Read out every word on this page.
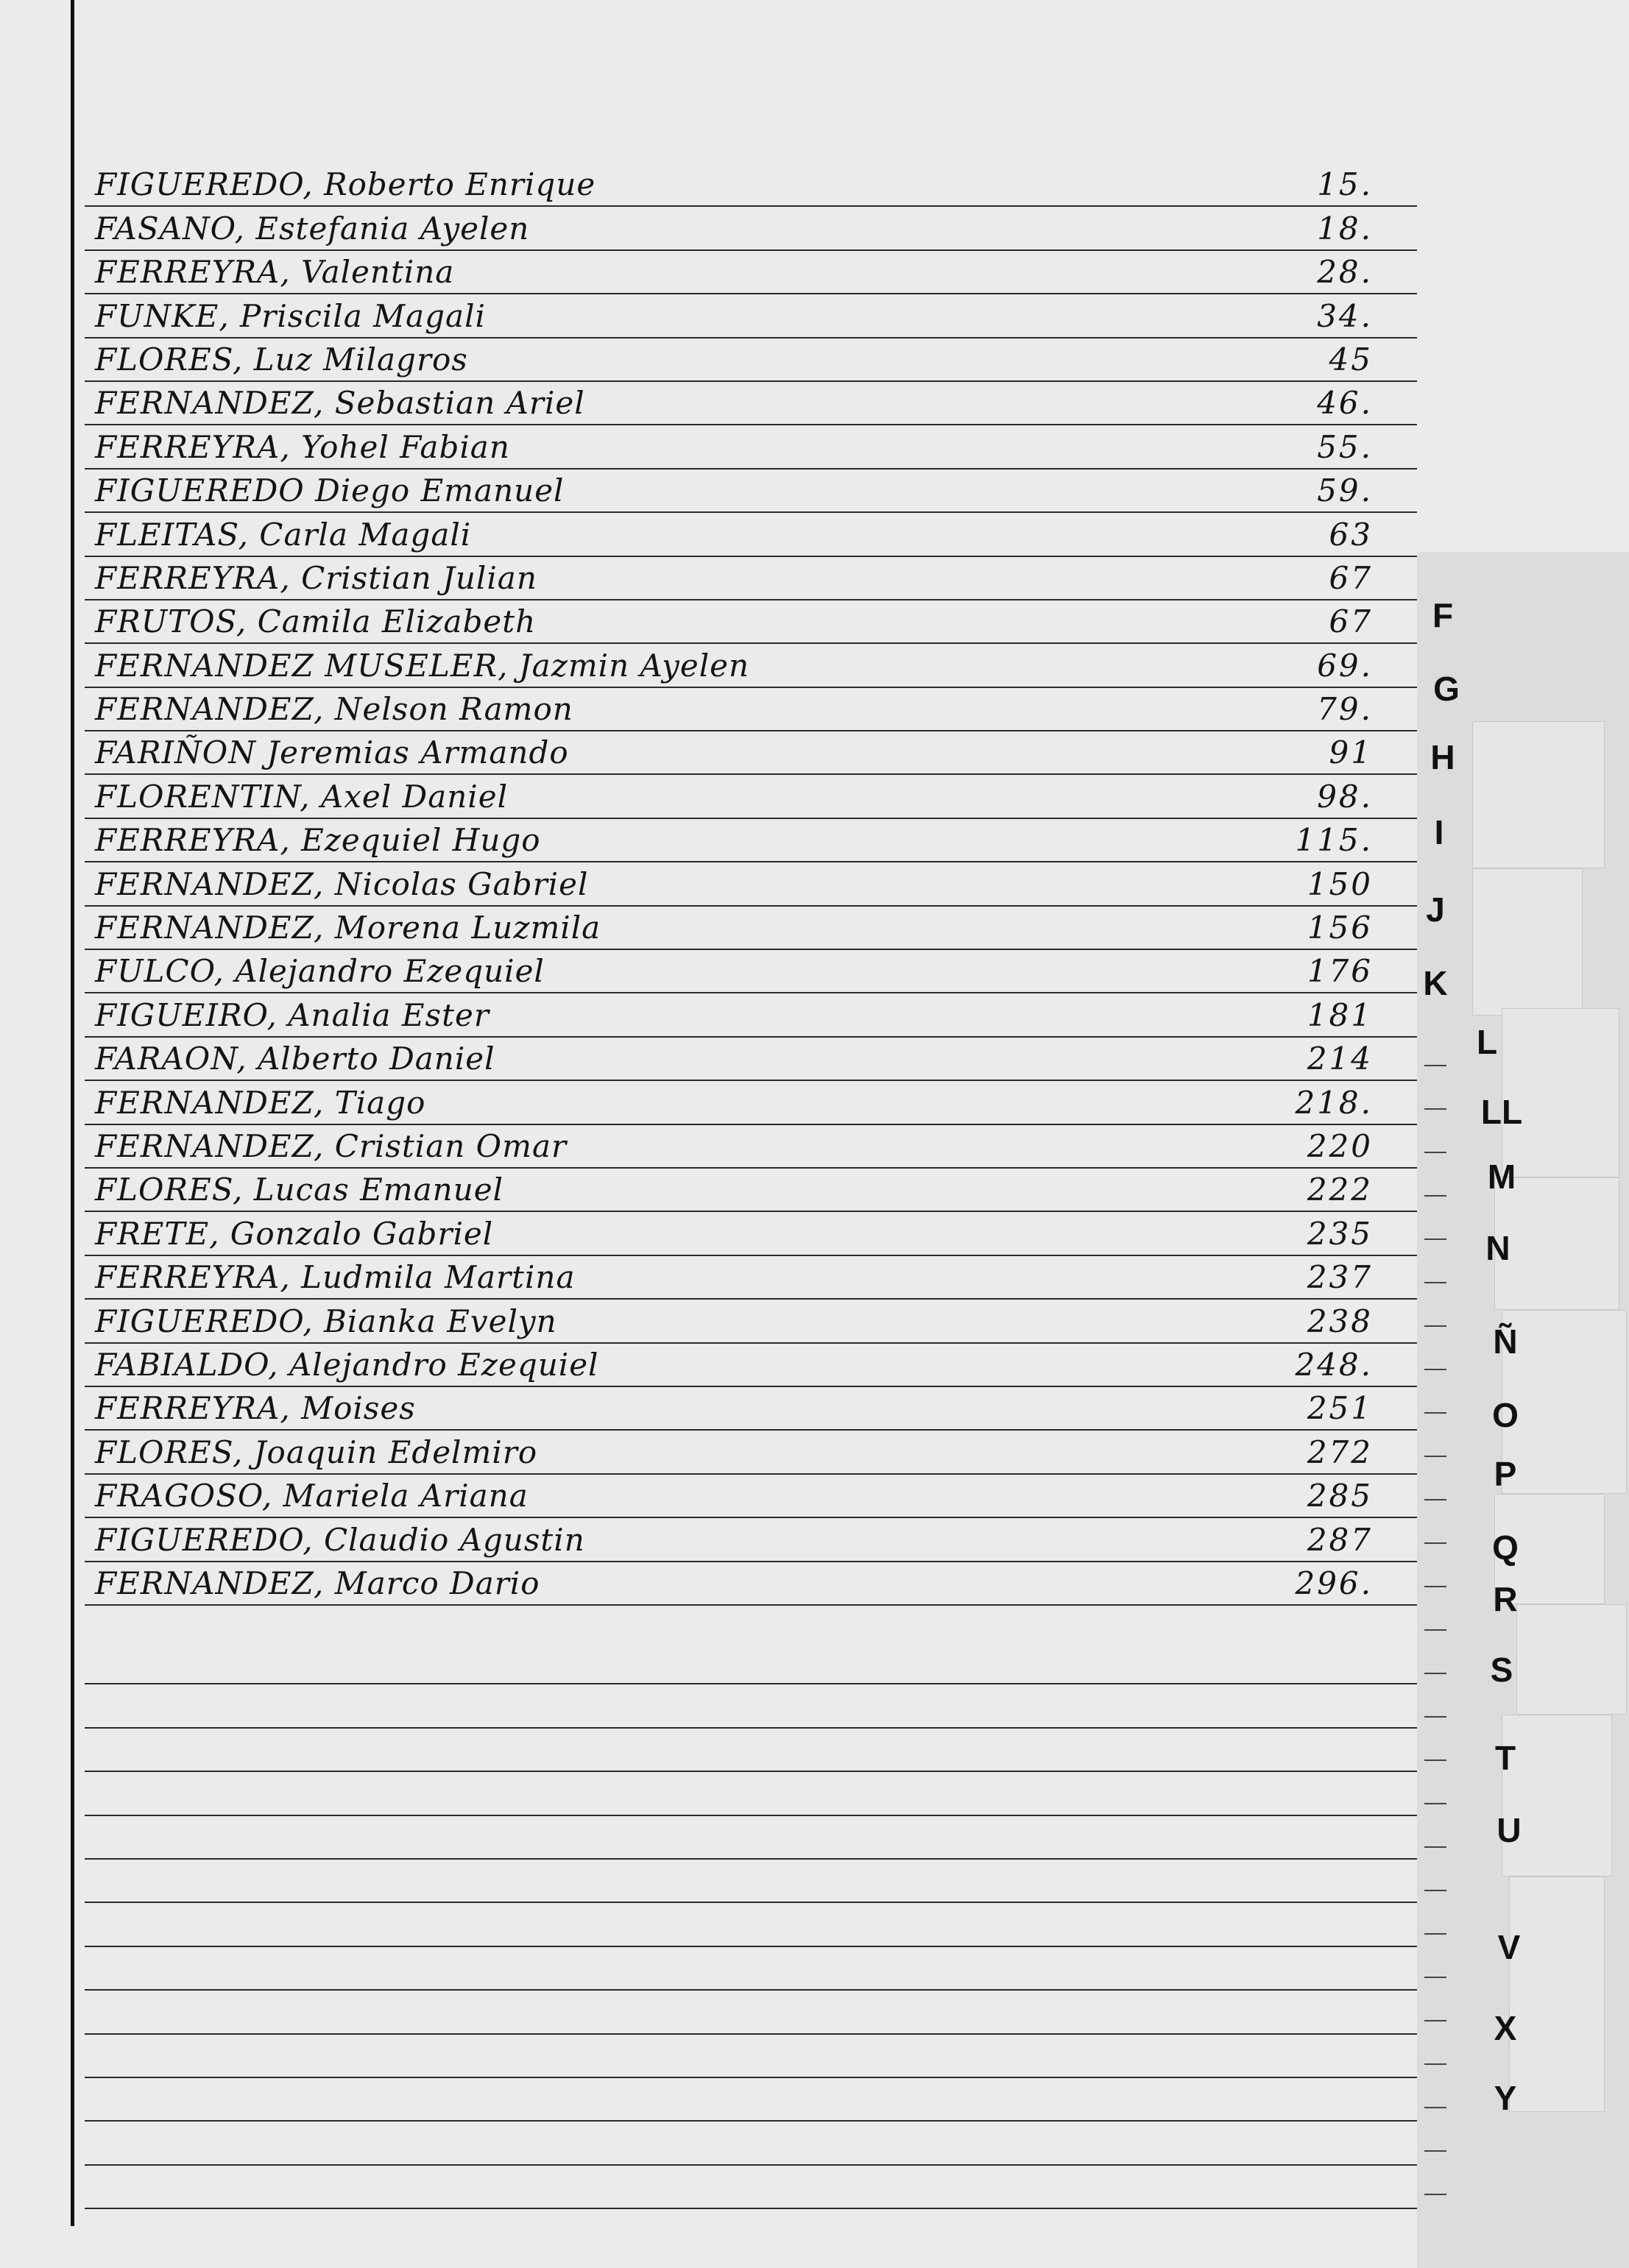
FIGUEREDO, Roberto Enrique	15.
FASANO, Estefania Ayelen	18.
FERREYRA, Valentina	28.
FUNKE, Priscila Magali	34.
FLORES, Luz Milagros	45
FERNANDEZ, Sebastian Ariel	46.
FERREYRA, Yohel Fabian	55.
FIGUEREDO Diego Emanuel	59.
FLEITAS, Carla Magali	63
FERREYRA, Cristian Julian	67
FRUTOS, Camila Elizabeth	67
FERNANDEZ MUSELER, Jazmin Ayelen	69.
FERNANDEZ, Nelson Ramon	79.
FARIÑON Jeremias Armando	91
FLORENTIN, Axel Daniel	98.
FERREYRA, Ezequiel Hugo	115.
FERNANDEZ, Nicolas Gabriel	150
FERNANDEZ, Morena Luzmila	156
FULCO, Alejandro Ezequiel	176
FIGUEIRO, Analia Ester	181
FARAON, Alberto Daniel	214
FERNANDEZ, Tiago	218.
FERNANDEZ, Cristian Omar	220
FLORES, Lucas Emanuel	222
FRETE, Gonzalo Gabriel	235
FERREYRA, Ludmila Martina	237
FIGUEREDO, Bianka Evelyn	238
FABIALDO, Alejandro Ezequiel	248.
FERREYRA, Moises	251
FLORES, Joaquin Edelmiro	272
FRAGOSO, Mariela Ariana	285
FIGUEREDO, Claudio Agustin	287
FERNANDEZ, Marco Dario	296.
F
G
H
I
J
K
L
LL
M
N
Ñ
O
P
Q
R
S
T
U
V
X
Y
